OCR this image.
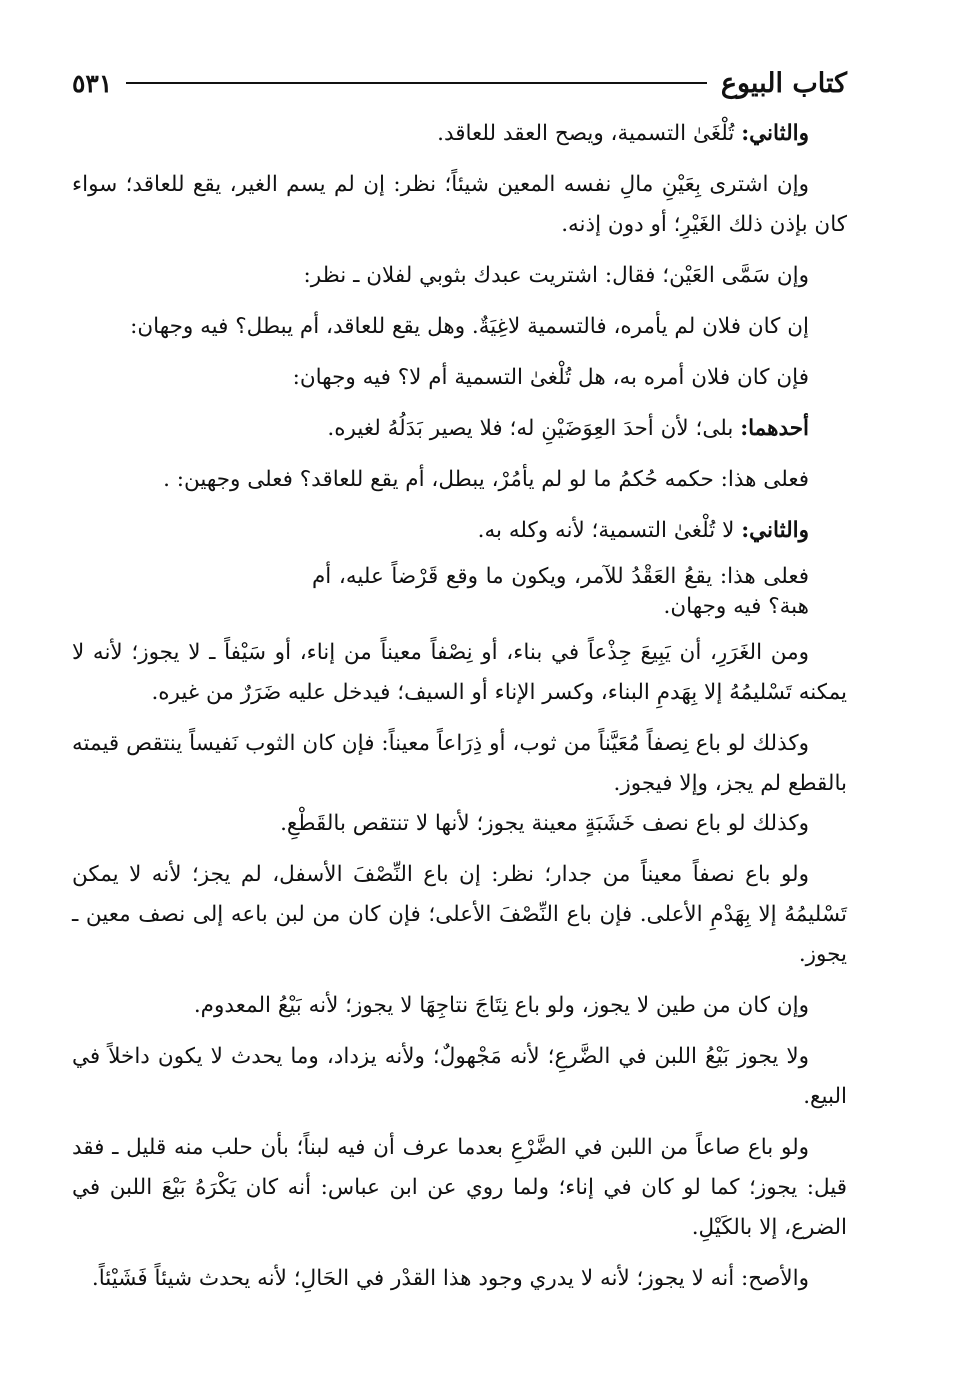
كتاب البيوع
٥٣١

والثاني: تُلْغَىٰ التسمية، ويصح العقد للعاقد.

وإن اشترى بِعَيْنِ مالِ نفسه المعين شيئاً؛ نظر: إن لم يسم الغير، يقع للعاقد؛ سواء كان بإذن ذلك الغَيْرِ؛ أو دون إذنه.

وإن سَمَّى العَيْن؛ فقال: اشتريت عبدك بثوبي لفلان ـ نظر:

إن كان فلان لم يأمره، فالتسمية لاغِيَةٌ. وهل يقع للعاقد، أم يبطل؟ فيه وجهان:

فإن كان فلان أمره به، هل تُلْغىٰ التسمية أم لا؟ فيه وجهان:

أحدهما: بلى؛ لأن أحدَ العِوَضَيْنِ له؛ فلا يصير بَدَلُهُ لغيره.

فعلى هذا: حكمه حُكمُ ما لو لم يأمُرْ، يبطل، أم يقع للعاقد؟ فعلى وجهين: .

والثاني: لا تُلْغىٰ التسمية؛ لأنه وكله به.

فعلى هذا: يقعُ العَقْدُ للآمر، ويكون ما وقع قَرْضاً عليه، أم هبة؟ فيه وجهان.

ومن الغَرَرِ، أن يَبِيعَ جِذْعاً في بناء، أو نِصْفاً معيناً من إناء، أو سَيْفاً ـ لا يجوز؛ لأنه لا يمكنه تَسْليمُهُ إلا بِهَدمِ البناء، وكسر الإناء أو السيف؛ فيدخل عليه ضَرَرٌ من غيره.

وكذلك لو باع نِصفاً مُعَيَّناً من ثوب، أو ذِرَاعاً معيناً: فإن كان الثوب نَفيساً ينتقص قيمته بالقطع لم يجز، وإلا فيجوز.

وكذلك لو باع نصف خَشَبَةٍ معينة يجوز؛ لأنها لا تنتقص بالقَطْعِ.

ولو باع نصفاً معيناً من جدار؛ نظر: إن باع النِّصْفَ الأسفل، لم يجز؛ لأنه لا يمكن تَسْليمُهُ إلا بِهَدْمِ الأعلى. فإن باع النِّصْفَ الأعلى؛ فإن كان من لبن باعه إلى نصف معين ـ يجوز.

وإن كان من طين لا يجوز، ولو باع نِتَاجَ نتاجِهَا لا يجوز؛ لأنه بَيْعُ المعدوم.

ولا يجوز بَيْعُ اللبن في الضَّرعِ؛ لأنه مَجْهولٌ؛ ولأنه يزداد، وما يحدث لا يكون داخلاً في البيع.

ولو باع صاعاً من اللبن في الضَّرْعِ بعدما عرف أن فيه لبناً؛ بأن حلب منه قليل ـ فقد قيل: يجوز؛ كما لو كان في إناء؛ ولما روي عن ابن عباس: أنه كان يَكْرَهُ بَيْعَ اللبن في الضرع، إلا بالكَيْلِ.

والأصح: أنه لا يجوز؛ لأنه لا يدري وجود هذا القدْر في الحَالِ؛ لأنه يحدث شيئاً فَشَيْئاً.
